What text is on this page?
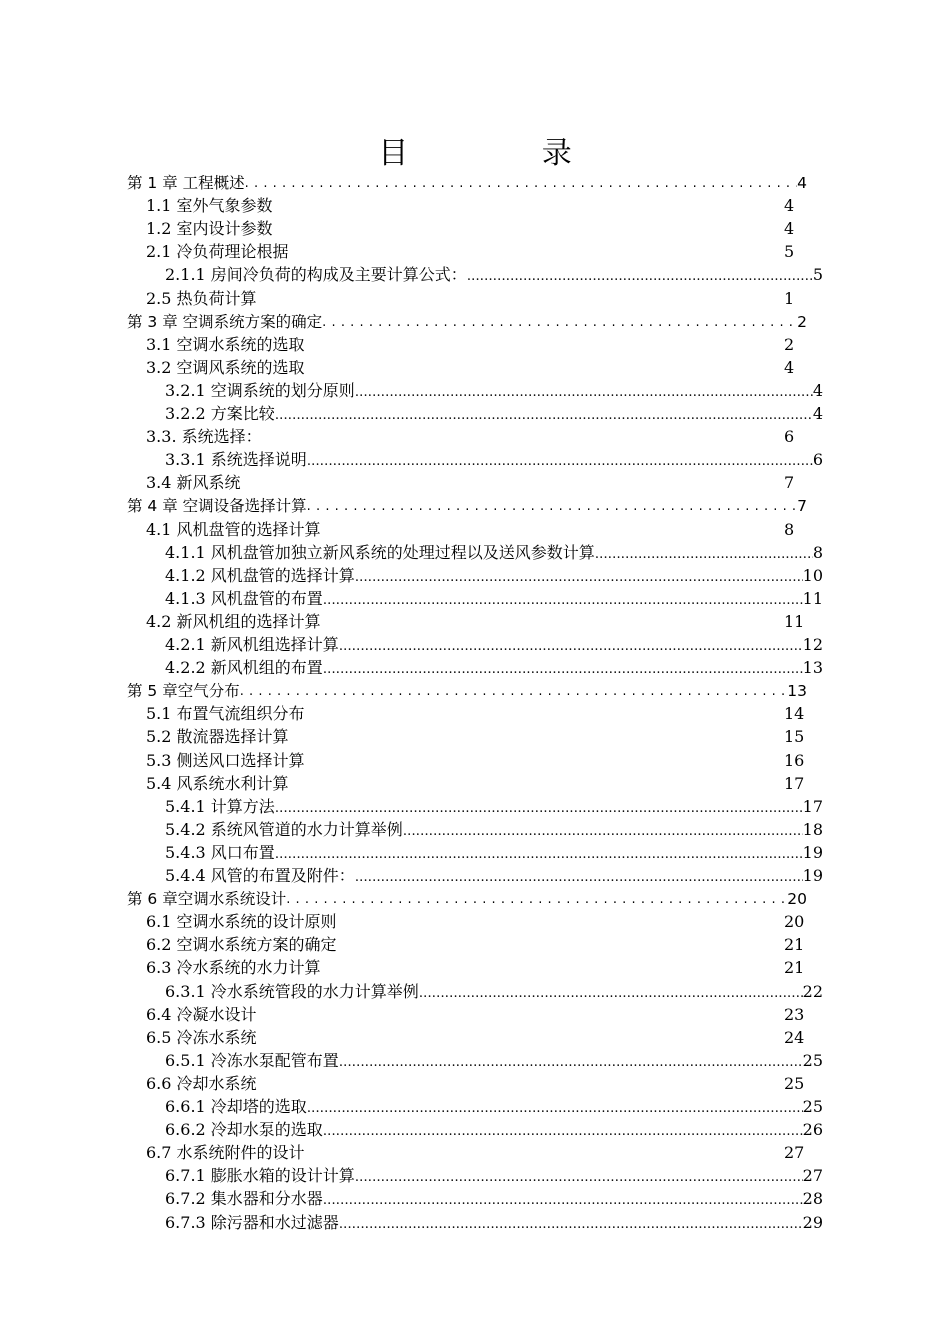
目 录
第 1 章 工程概述 .....	4
1.1 室外气象参数	4
1.2 室内设计参数	4
2.1 冷负荷理论根据	5
2.1.1 房间冷负荷的构成及主要计算公式： .....	5
2.5 热负荷计算	1
第 3 章 空调系统方案的确定 .....	2
3.1 空调水系统的选取	2
3.2 空调风系统的选取	4
3.2.1 空调系统的划分原则 .....	4
3.2.2 方案比较 .....	4
3.3. 系统选择：	6
3.3.1 系统选择说明 .....	6
3.4 新风系统	7
第 4 章 空调设备选择计算 .....	7
4.1 风机盘管的选择计算	8
4.1.1 风机盘管加独立新风系统的处理过程以及送风参数计算 .....	8
4.1.2 风机盘管的选择计算 .....	10
4.1.3 风机盘管的布置 .....	11
4.2 新风机组的选择计算	11
4.2.1 新风机组选择计算 .....	12
4.2.2 新风机组的布置 .....	13
第 5 章空气分布 .....	13
5.1 布置气流组织分布	14
5.2 散流器选择计算	15
5.3 侧送风口选择计算	16
5.4 风系统水利计算	17
5.4.1 计算方法 .....	17
5.4.2 系统风管道的水力计算举例 .....	18
5.4.3 风口布置 .....	19
5.4.4 风管的布置及附件： .....	19
第 6 章空调水系统设计 .....	20
6.1 空调水系统的设计原则	20
6.2 空调水系统方案的确定	21
6.3 冷水系统的水力计算	21
6.3.1 冷水系统管段的水力计算举例 .....	22
6.4 冷凝水设计	23
6.5 冷冻水系统	24
6.5.1 冷冻水泵配管布置 .....	25
6.6 冷却水系统	25
6.6.1 冷却塔的选取 .....	25
6.6.2 冷却水泵的选取 .....	26
6.7 水系统附件的设计	27
6.7.1 膨胀水箱的设计计算 .....	27
6.7.2 集水器和分水器 .....	28
6.7.3 除污器和水过滤器 .....	29
